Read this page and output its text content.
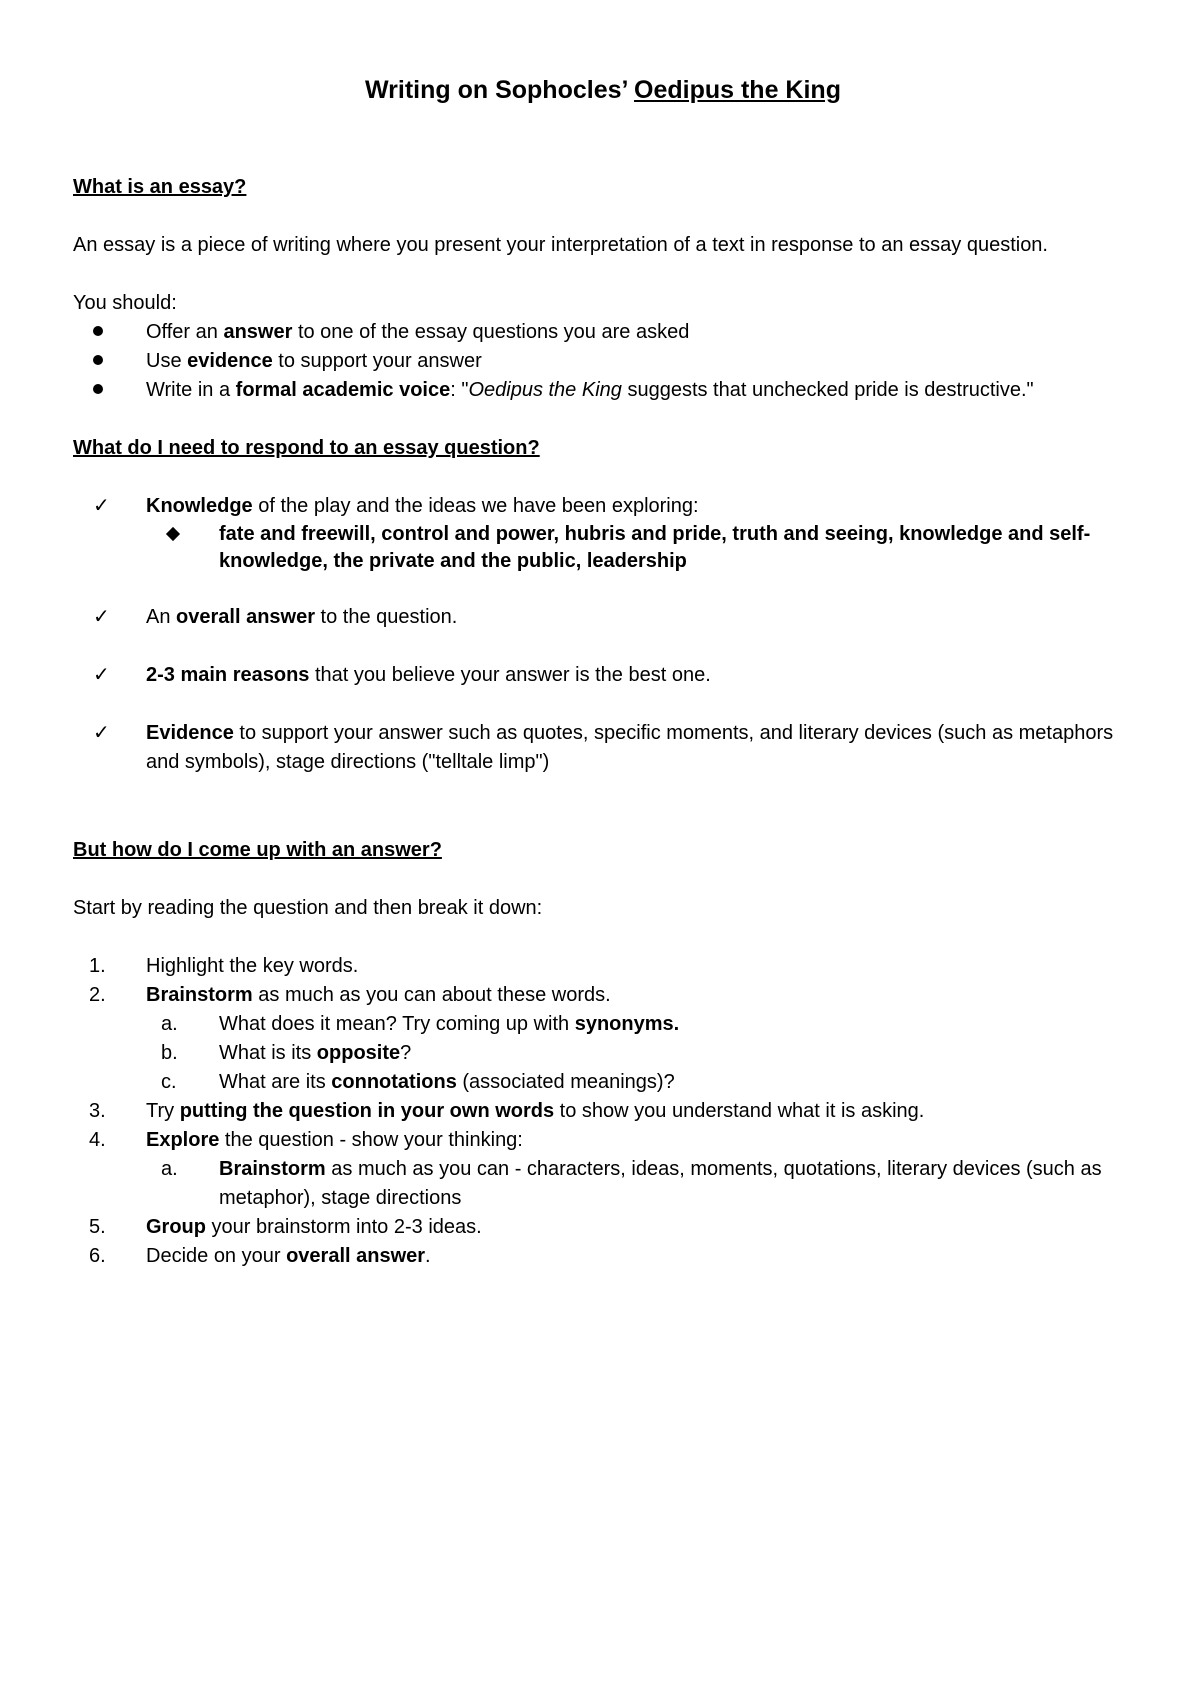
Writing on Sophocles’ Oedipus the King

What is an essay?

An essay is a piece of writing where you present your interpretation of a text in response to an essay question.

You should:

Offer an answer to one of the essay questions you are asked
Use evidence to support your answer
Write in a formal academic voice: "Oedipus the King suggests that unchecked pride is destructive."

What do I need to respond to an essay question?

✓ Knowledge of the play and the ideas we have been exploring:
fate and freewill, control and power, hubris and pride, truth and seeing, knowledge and self-knowledge, the private and the public, leadership
✓ An overall answer to the question.
✓ 2-3 main reasons that you believe your answer is the best one.
✓ Evidence to support your answer such as quotes, specific moments, and literary devices (such as metaphors and symbols), stage directions ("telltale limp")

But how do I come up with an answer?

Start by reading the question and then break it down:

1.	Highlight the key words.
2.	Brainstorm as much as you can about these words.
a.	What does it mean? Try coming up with synonyms.
b.	What is its opposite?
c.	What are its connotations (associated meanings)?
3.	Try putting the question in your own words to show you understand what it is asking.
4.	Explore the question - show your thinking:
a.	Brainstorm as much as you can - characters, ideas, moments, quotations, literary devices (such as metaphor), stage directions
5.	Group your brainstorm into 2-3 ideas.
6.	Decide on your overall answer.
